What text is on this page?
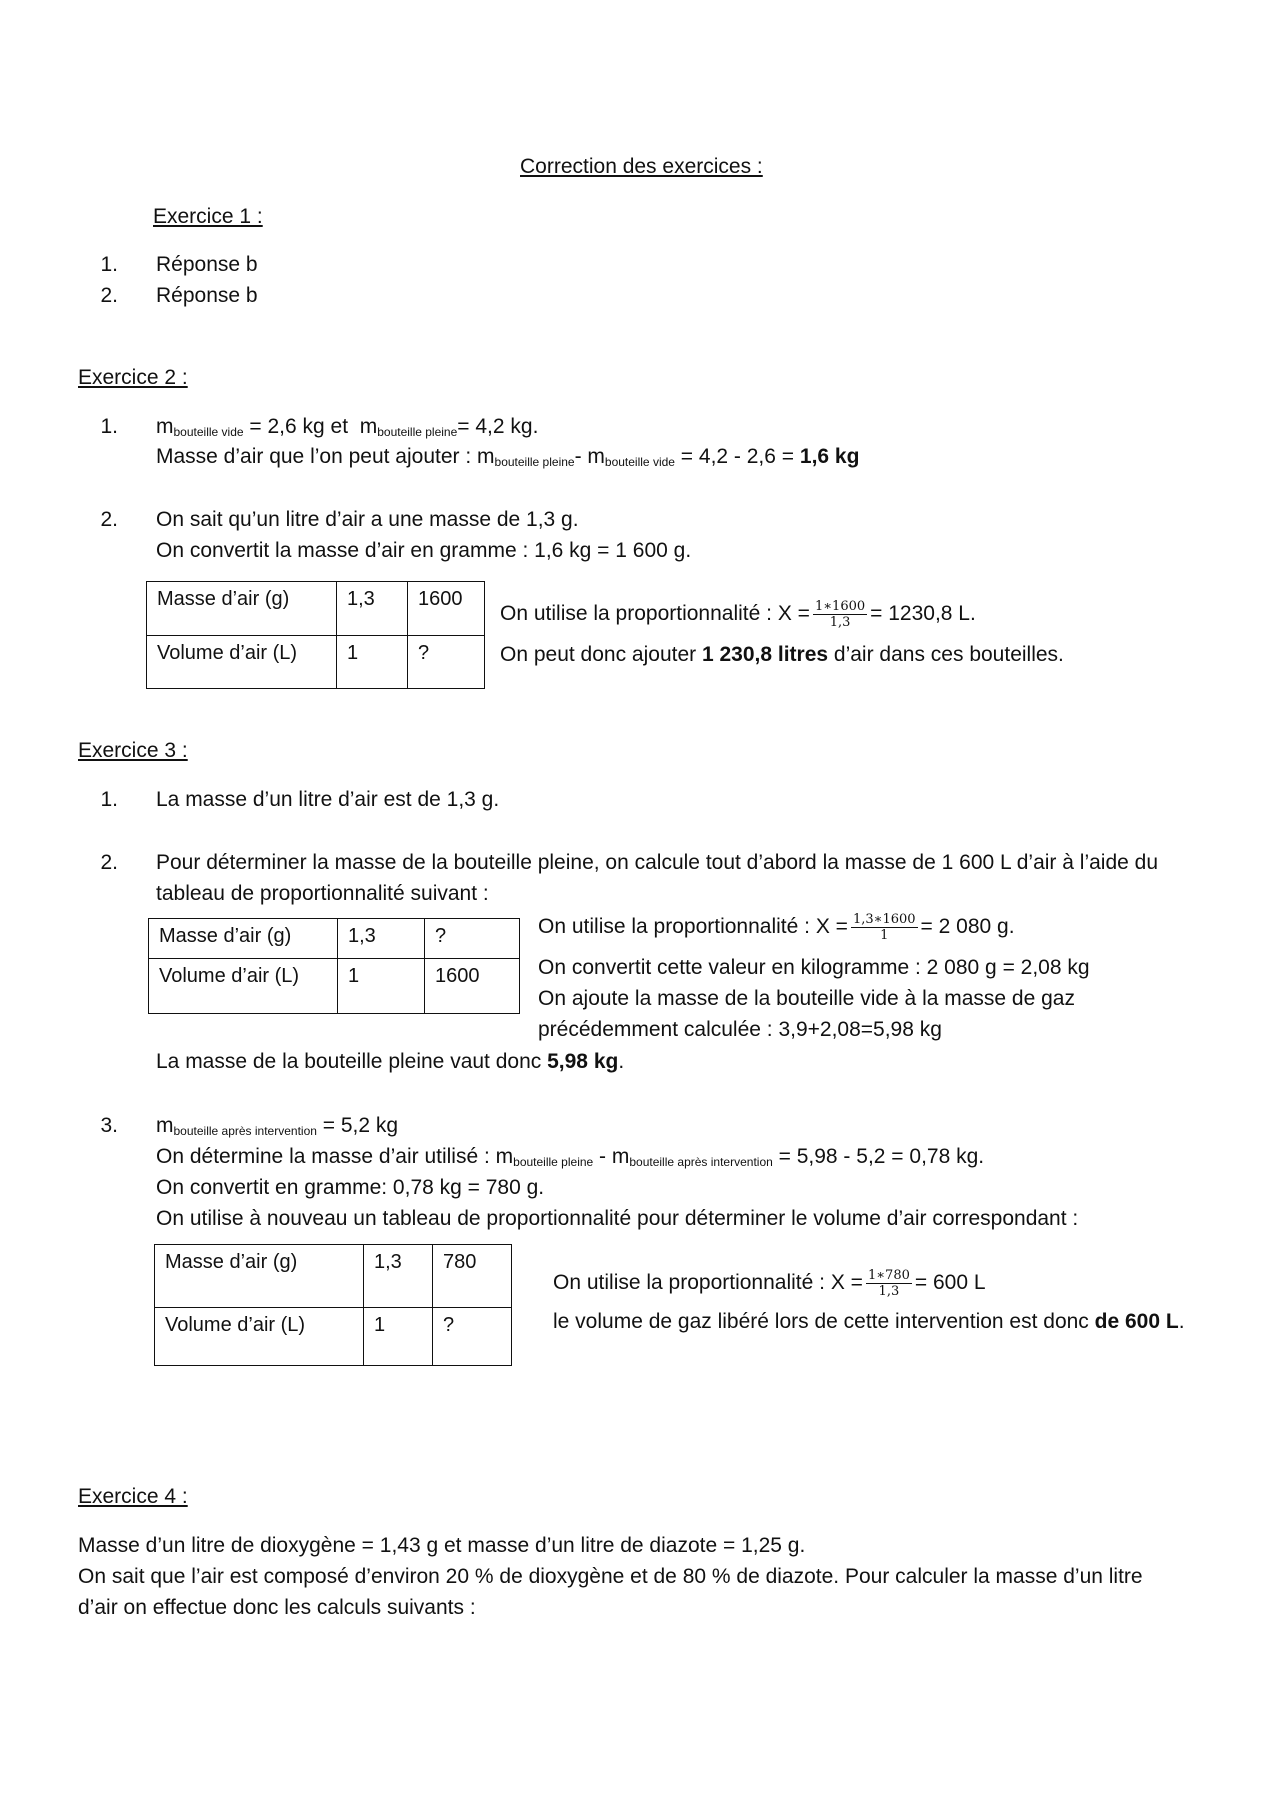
Correction des exercices :
Exercice 1 :
1. Réponse b
2. Réponse b
Exercice 2 :
1. $m_{bouteille vide} = 2,6$ kg et  $m_{bouteille pleine}= 4,2$ kg.
Masse d’air que l’on peut ajouter : $m_{bouteille pleine}-$ $m_{bouteille vide} = 4,2 - 2,6 = 1,6$ kg
2. On sait qu’un litre d’air a une masse de 1,3 g.
On convertit la masse d’air en gramme : 1,6 kg = 1 600 g.
Masse d’air (g)	1,3	1600
Volume d’air (L)	1	?
On utilise la proportionnalité : $X = \frac{1∗1600}{1,3} = 1230,8$ L.
On peut donc ajouter 1 230,8 litres d’air dans ces bouteilles.
Exercice 3 :
1. La masse d’un litre d’air est de 1,3 g.
2. Pour déterminer la masse de la bouteille pleine, on calcule tout d’abord la masse de 1 600 L d’air à l’aide du
tableau de proportionnalité suivant :
Masse d’air (g)	1,3	?
Volume d’air (L)	1	1600
On utilise la proportionnalité : $X = \frac{1,3∗1600}{1} = 2$ 080 g.
On convertit cette valeur en kilogramme : 2 080 g = 2,08 kg
On ajoute la masse de la bouteille vide à la masse de gaz
précédemment calculée : 3,9+2,08=5,98 kg
La masse de la bouteille pleine vaut donc 5,98 kg.
3. $m_{bouteille après intervention} = 5,2$ kg
On détermine la masse d’air utilisé : $m_{bouteille pleine} - m_{bouteille après intervention} = 5,98 - 5,2 = 0,78$ kg.
On convertit en gramme: 0,78 kg = 780 g.
On utilise à nouveau un tableau de proportionnalité pour déterminer le volume d’air correspondant :
Masse d’air (g)	1,3	780
Volume d’air (L)	1	?
On utilise la proportionnalité : $X = \frac{1∗780}{1,3} = 600$ L
le volume de gaz libéré lors de cette intervention est donc de 600 L.
Exercice 4 :
Masse d’un litre de dioxygène = 1,43 g et masse d’un litre de diazote = 1,25 g.
On sait que l’air est composé d’environ 20 % de dioxygène et de 80 % de diazote. Pour calculer la masse d’un litre
d’air on effectue donc les calculs suivants :
